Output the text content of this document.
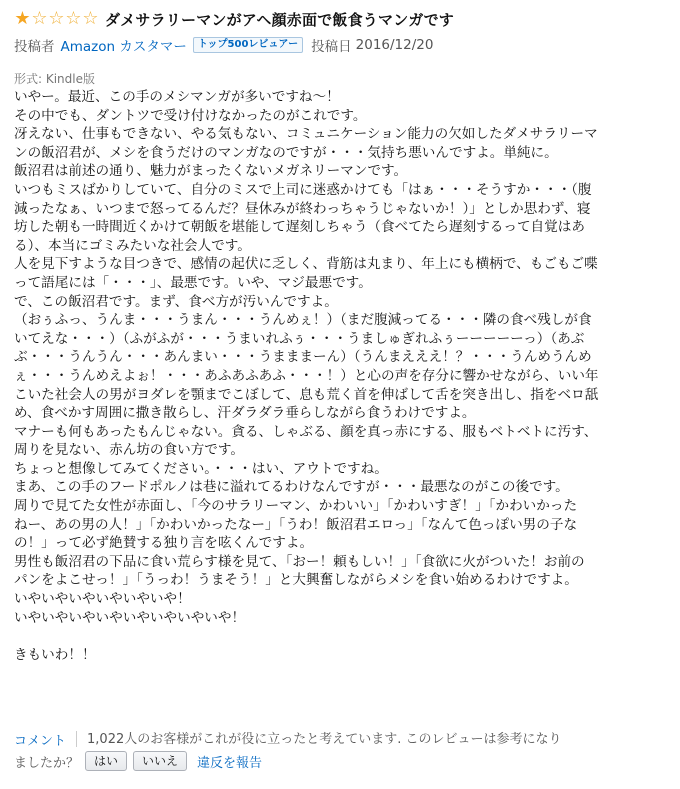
★ ☆ ☆ ☆ ☆ ダメサラリーマンがアヘ顔赤面で飯食うマンガです
投稿者 Amazon カスタマー	トップ500レビュアー 投稿日 2016/12/20
形式: Kindle版

いやー。最近、この手のメシマンガが多いですね～！

その中でも、ダントツで受け付けなかったのがこれです。

冴えない、仕事もできない、やる気もない、コミュニケーション能力の欠如したダメサラリーマ

ンの飯沼君が、メシを食うだけのマンガなのですが・・・気持ち悪いんですよ。単純に。

飯沼君は前述の通り、魅力がまったくないメガネリーマンです。

いつもミスばかりしていて、自分のミスで上司に迷惑かけても「はぁ・・・そうすか・・・（腹

減ったなぁ、いつまで怒ってるんだ？昼休みが終わっちゃうじゃないか！）」としか思わず、寝

坊した朝も一時間近くかけて朝飯を堪能して遅刻しちゃう（食べてたら遅刻するって自覚はあ

る）、本当にゴミみたいな社会人です。

人を見下すような目つきで、感情の起伏に乏しく、背筋は丸まり、年上にも横柄で、もごもご喋

って語尾には「・・・」、最悪です。いや、マジ最悪です。

で、この飯沼君です。まず、食べ方が汚いんですよ。

（おぅふっ、うんま・・・うまん・・・うんめぇ！）（まだ腹減ってる・・・隣の食べ残しが食

いてえな・・・）（ふがふが・・・うまいれふぅ・・・うましゅぎれふぅーーーーーっ）（あぶ

ぶ・・・うんうん・・・あんまい・・・うまままーん）（うんまえええ！？・・・うんめうんめ

ぇ・・・うんめえよぉ！・・・あふあふあふ・・・！）と心の声を存分に響かせながら、いい年

こいた社会人の男がヨダレを顎までこぼして、息も荒く首を伸ばして舌を突き出し、指をベロ舐

め、食べかす周囲に撒き散らし、汗ダラダラ垂らしながら食うわけですよ。

マナーも何もあったもんじゃない。貪る、しゃぶる、顔を真っ赤にする、服もベトベトに汚す、

周りを見ない、赤ん坊の食い方です。

ちょっと想像してみてください。・・・はい、アウトですね。

まあ、この手のフードポルノは巷に溢れてるわけなんですが・・・最悪なのがこの後です。

周りで見てた女性が赤面し、「今のサラリーマン、かわいい」「かわいすぎ！」「かわいかった

ねー、あの男の人！」「かわいかったなー」「うわ！飯沼君エロっ」「なんて色っぽい男の子な

の！」って必ず絶賛する独り言を呟くんですよ。

男性も飯沼君の下品に食い荒らす様を見て、「おー！頼もしい！」「食欲に火がついた！お前の

パンをよこせっ！」「うっわ！うまそう！」と大興奮しながらメシを食い始めるわけですよ。

いやいやいやいやいやいや！

いやいやいやいやいやいやいやいや！

きもいわ！！

コメント 1,022人のお客様がこれが役に立ったと考えています. このレビューは参考になり
ましたか？	はい	いいえ	違反を報告
